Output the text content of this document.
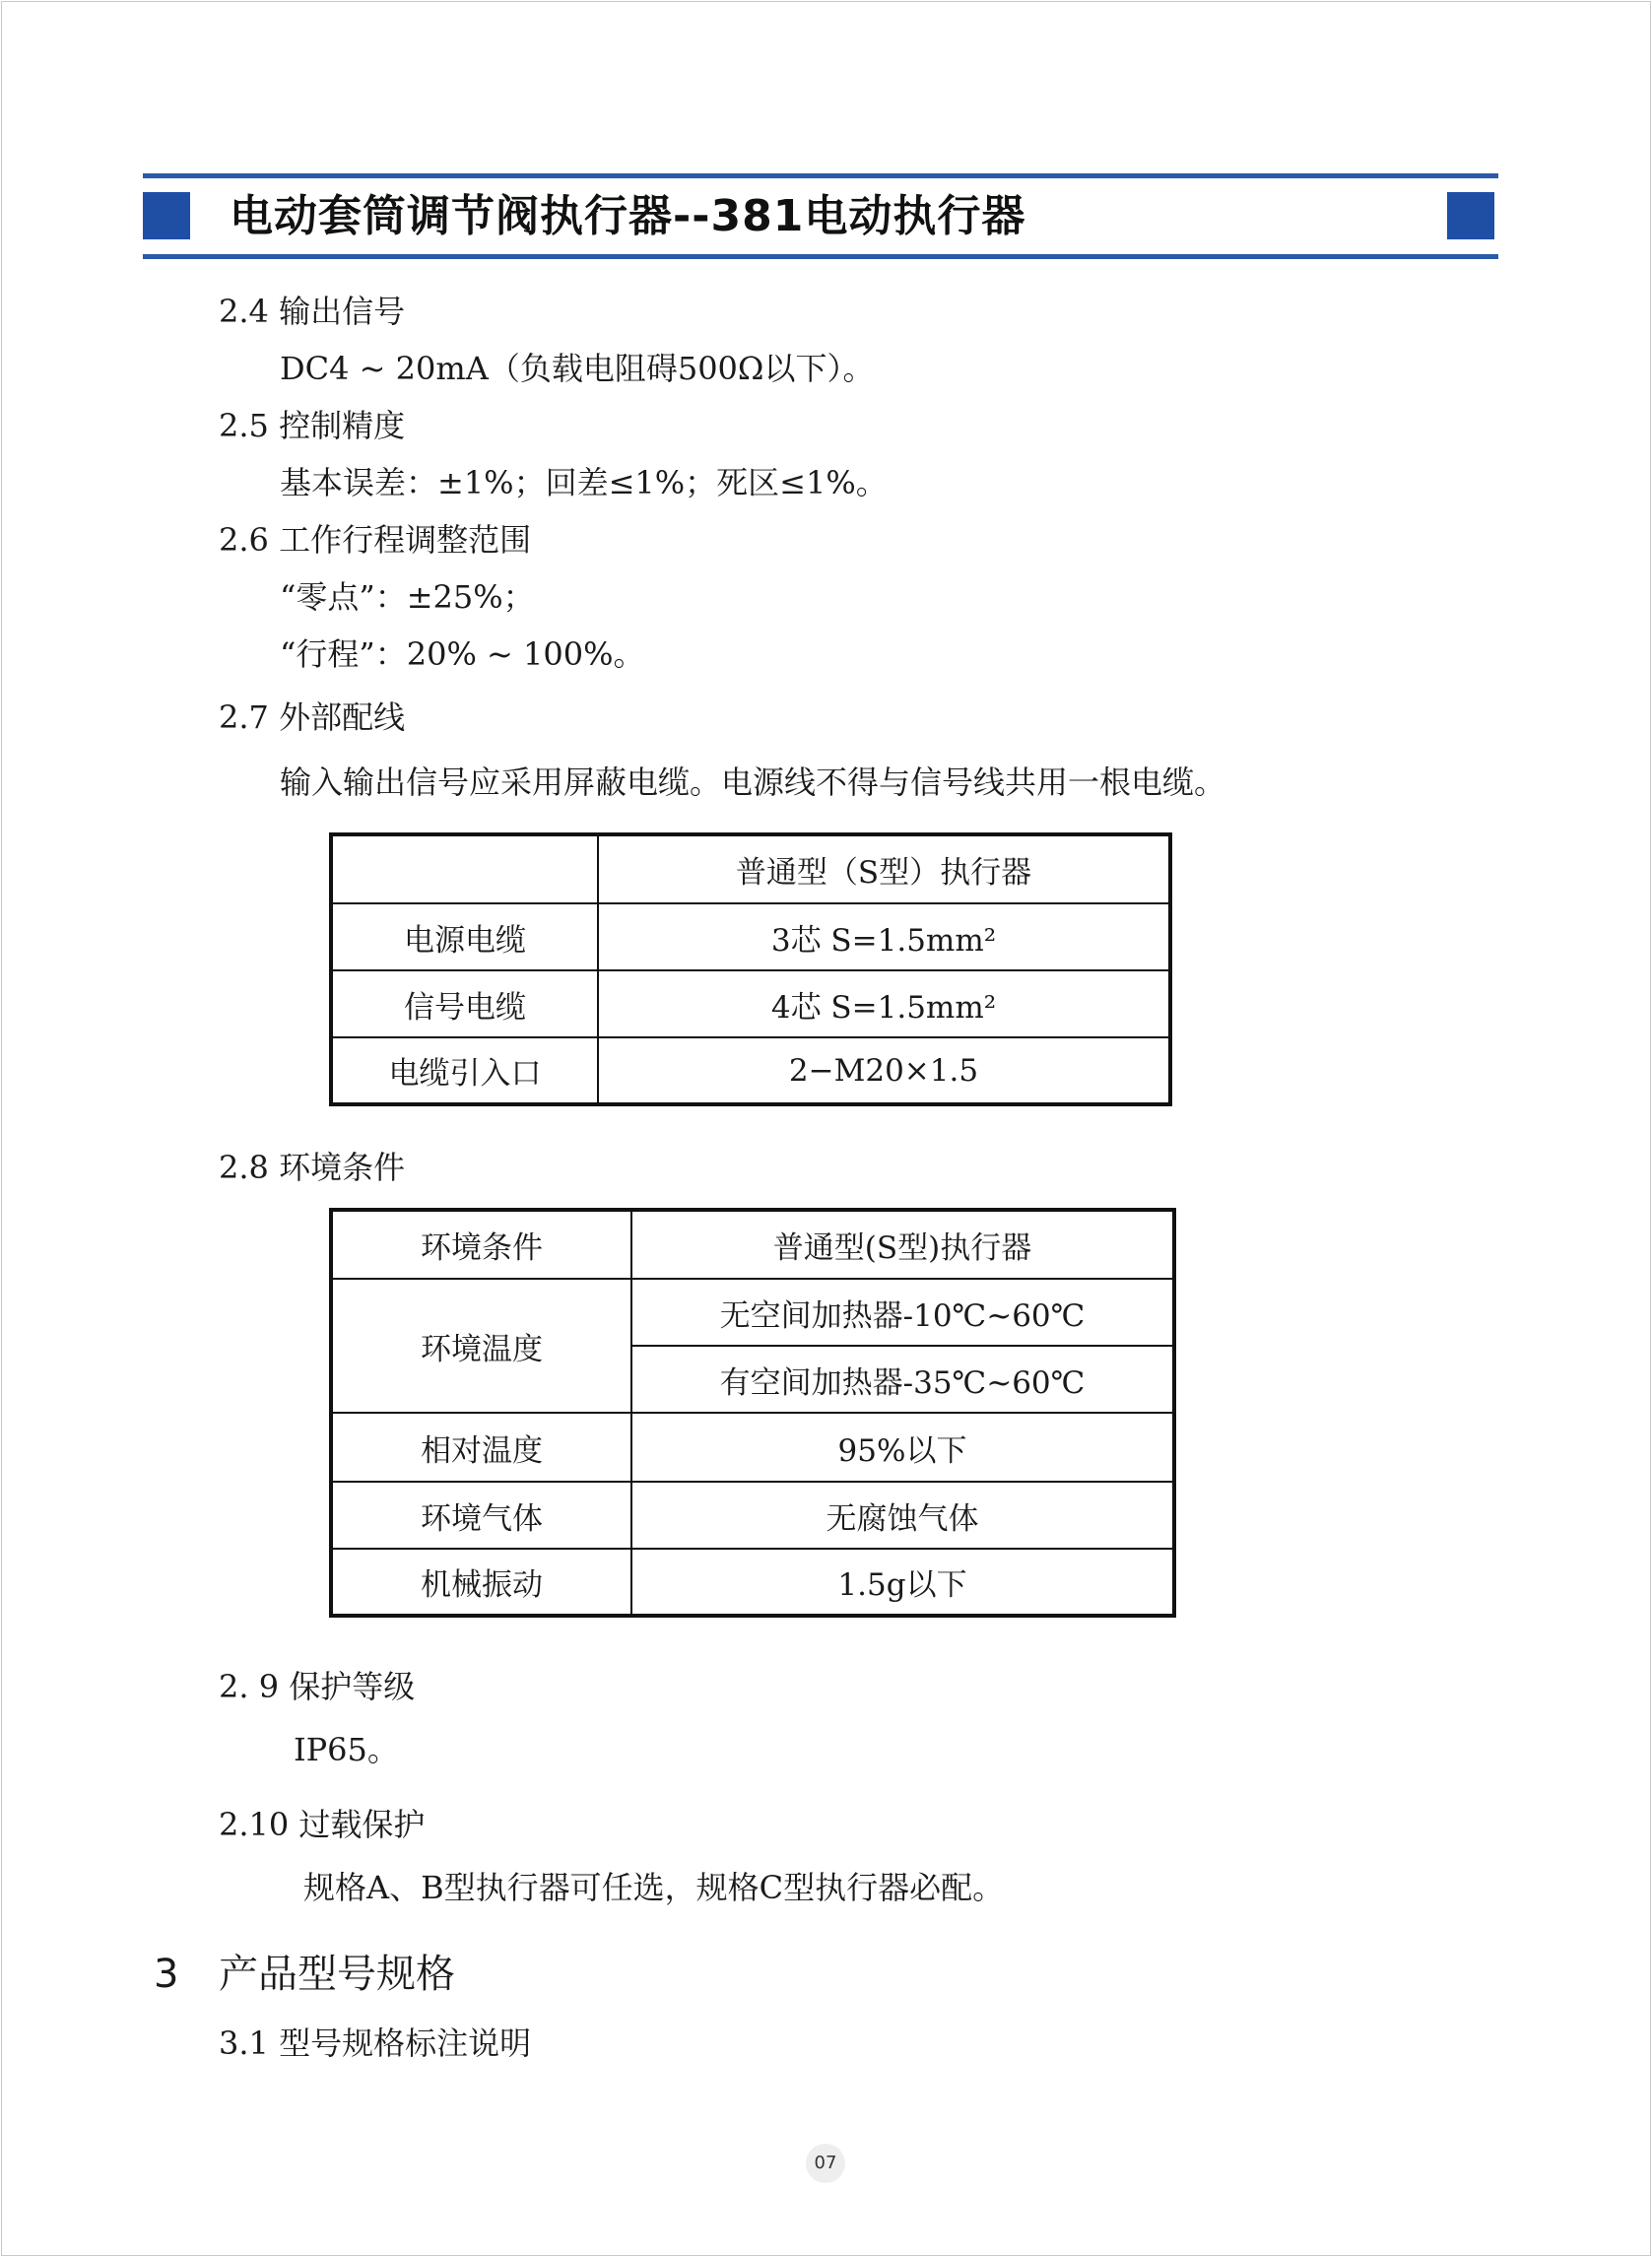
电动套筒调节阀执行器--381电动执行器
2.4 输出信号
DC4 ~ 20mA（负载电阻碍500Ω以下）。
2.5 控制精度
基本误差：±1%；回差≤1%；死区≤1%。
2.6 工作行程调整范围
“零点”：±25%；
“行程”：20% ~ 100%。
2.7 外部配线
输入输出信号应采用屏蔽电缆。电源线不得与信号线共用一根电缆。
	普通型（S型）执行器
电源电缆	3芯 S=1.5mm²
信号电缆	4芯 S=1.5mm²
电缆引入口	2−M20×1.5
2.8 环境条件
环境条件	普通型(S型)执行器
环境温度	无空间加热器-10℃~60℃
	有空间加热器-35℃~60℃
相对温度	95%以下
环境气体	无腐蚀气体
机械振动	1.5g以下
2. 9 保护等级
IP65。
2.10 过载保护
规格A、B型执行器可任选，规格C型执行器必配。
3 产品型号规格
3.1 型号规格标注说明
07
